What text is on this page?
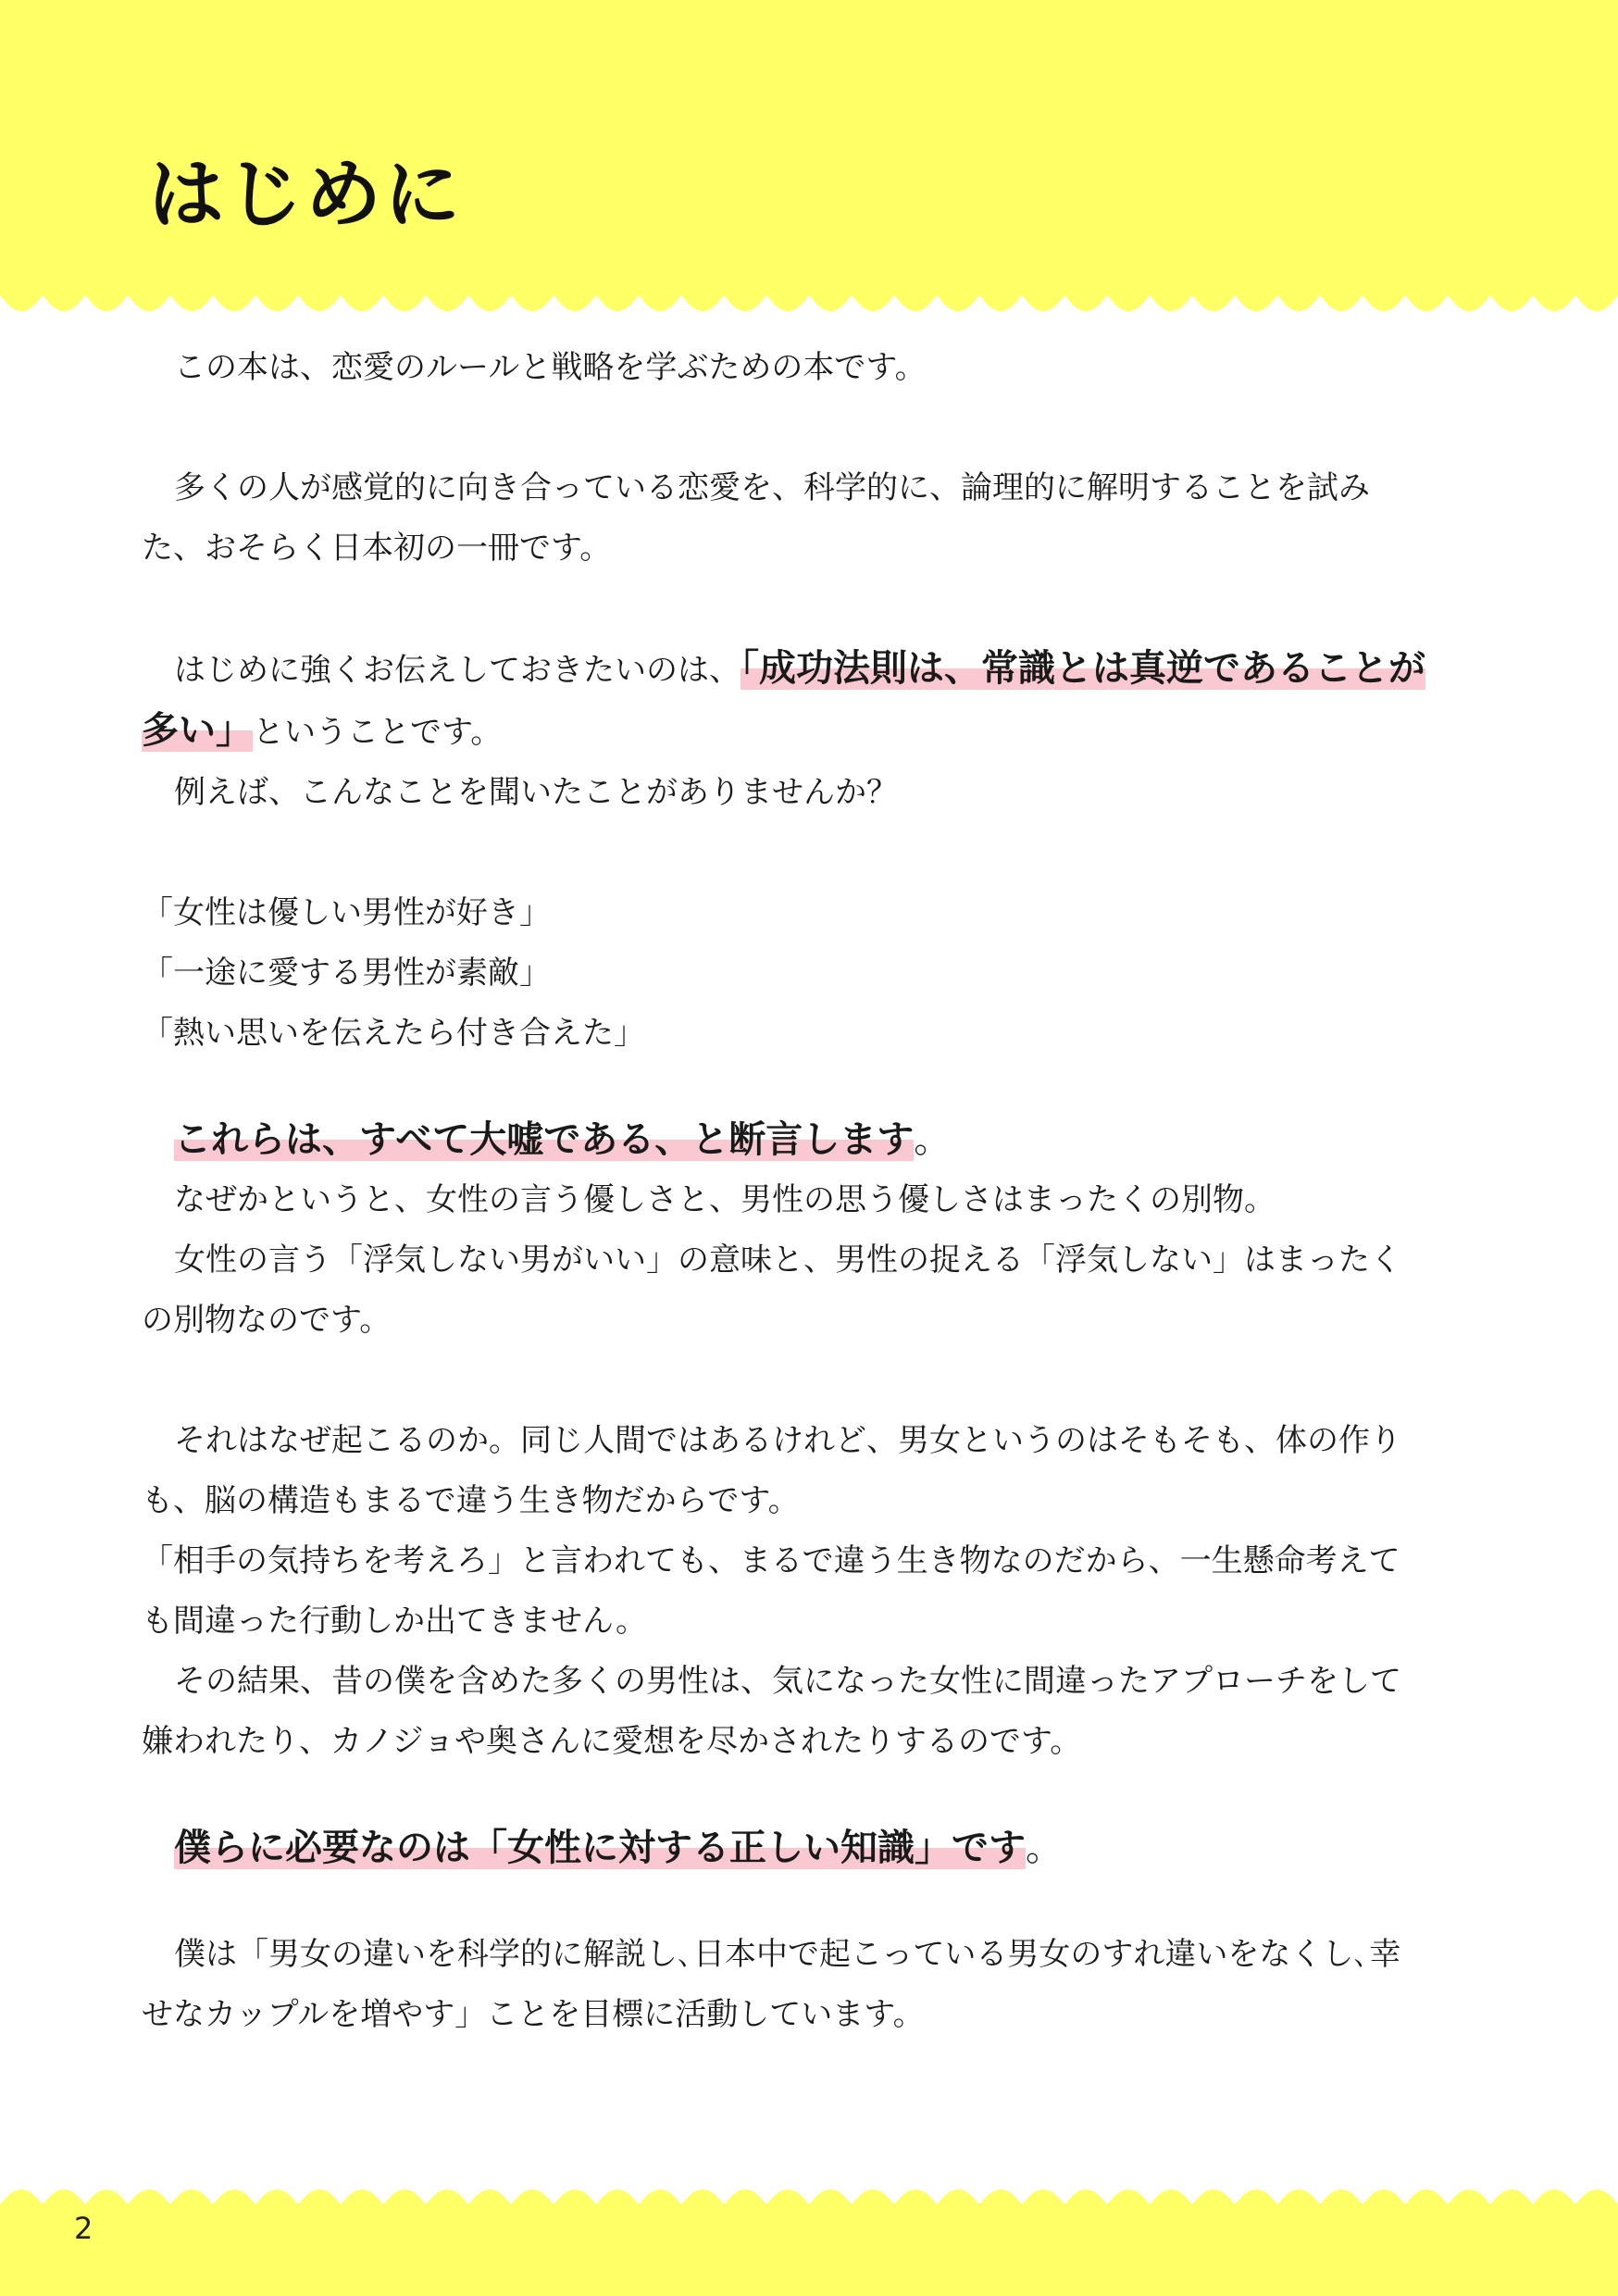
はじめに

この本は、恋愛のルールと戦略を学ぶための本です。

多くの人が感覚的に向き合っている恋愛を、科学的に、論理的に解明することを試みた、おそらく日本初の一冊です。

はじめに強くお伝えしておきたいのは、「成功法則は、常識とは真逆であることが多い」ということです。

例えば、こんなことを聞いたことがありませんか？

「女性は優しい男性が好き」

「一途に愛する男性が素敵」

「熱い思いを伝えたら付き合えた」

これらは、すべて大嘘である、と断言します。

なぜかというと、女性の言う優しさと、男性の思う優しさはまったくの別物。

女性の言う「浮気しない男がいい」の意味と、男性の捉える「浮気しない」はまったくの別物なのです。

それはなぜ起こるのか。同じ人間ではあるけれど、男女というのはそもそも、体の作りも、脳の構造もまるで違う生き物だからです。

「相手の気持ちを考えろ」と言われても、まるで違う生き物なのだから、一生懸命考えても間違った行動しか出てきません。

その結果、昔の僕を含めた多くの男性は、気になった女性に間違ったアプローチをして嫌われたり、カノジョや奥さんに愛想を尽かされたりするのです。

僕らに必要なのは「女性に対する正しい知識」です。

僕は「男女の違いを科学的に解説し､日本中で起こっている男女のすれ違いをなくし､幸せなカップルを増やす」ことを目標に活動しています。

2
